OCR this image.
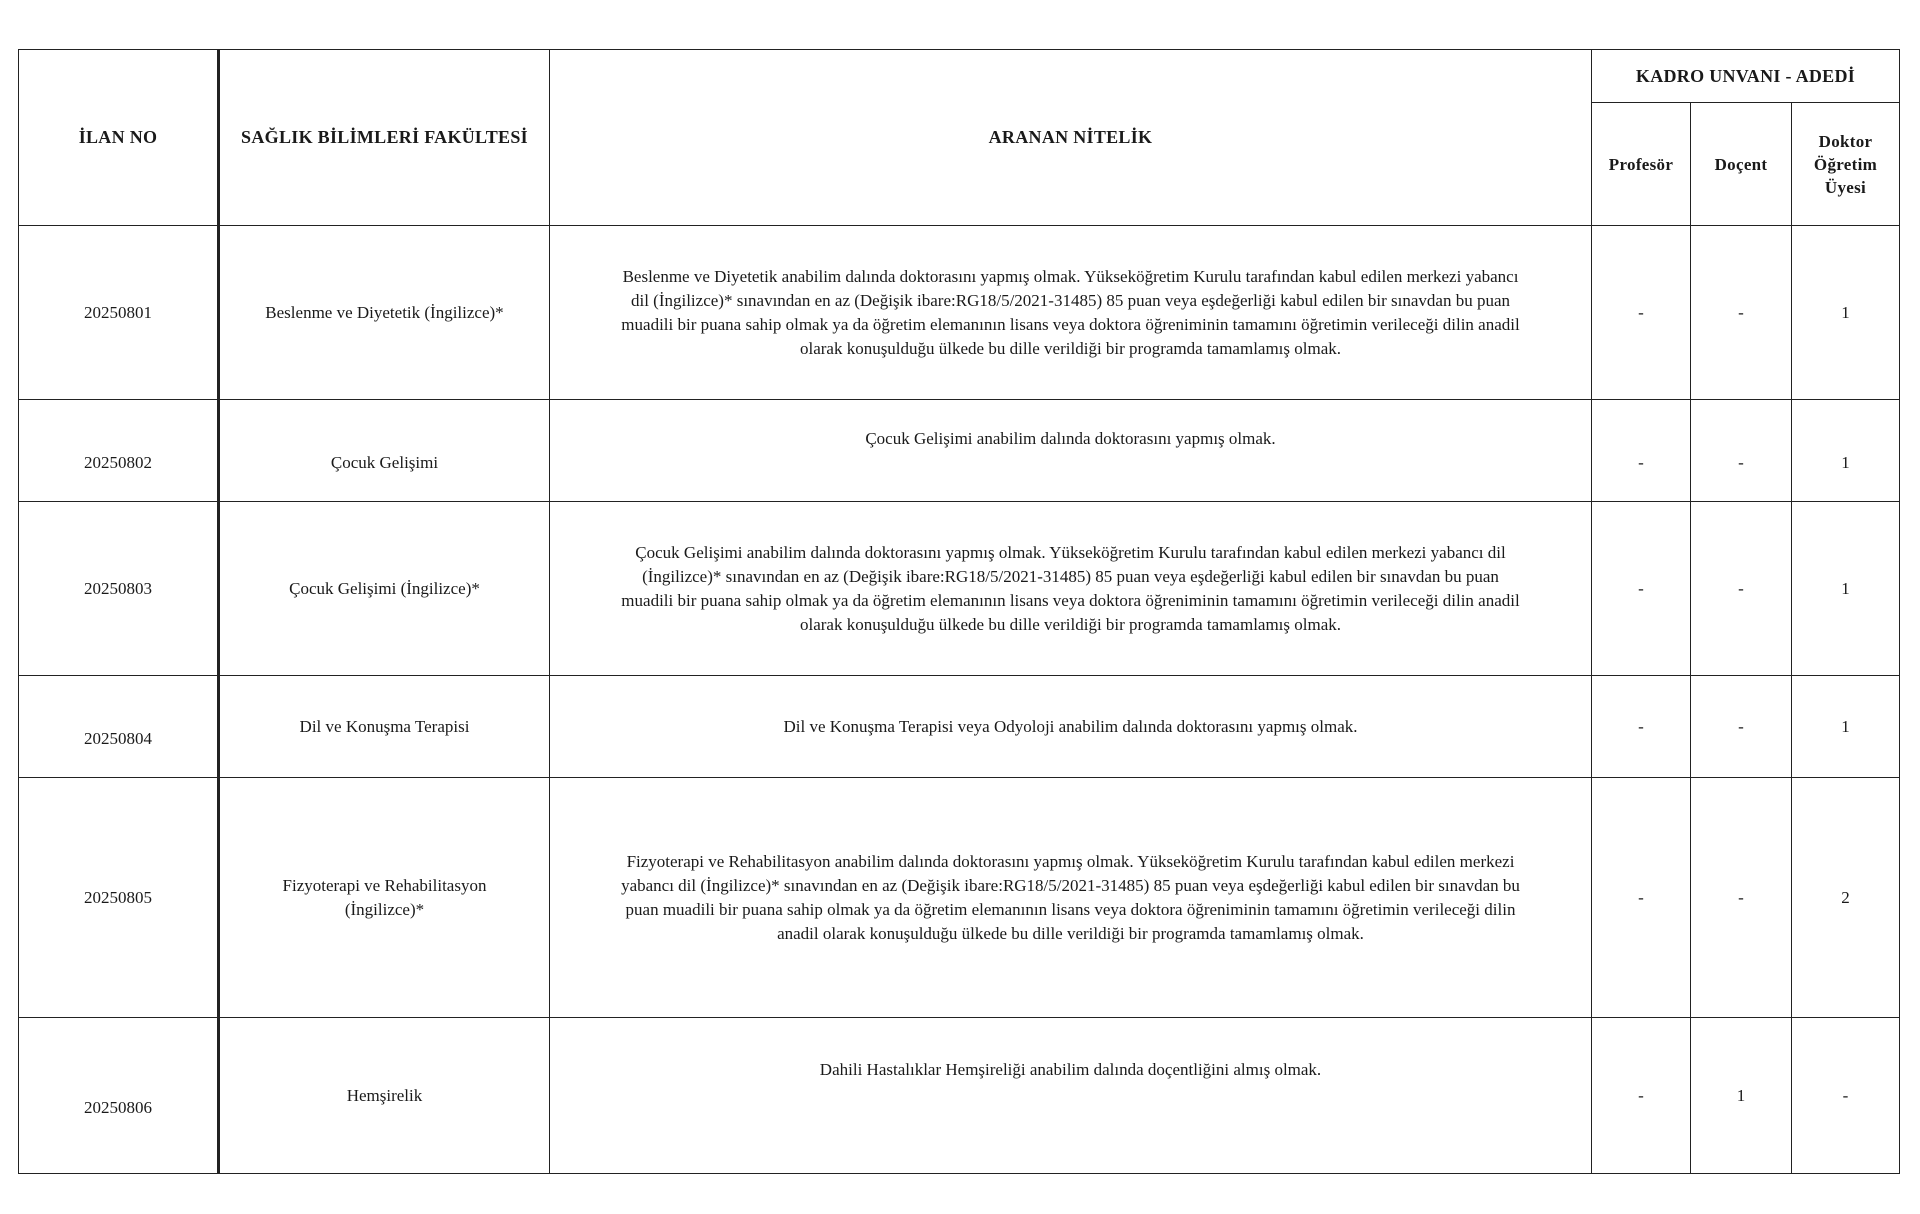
İLAN NO	SAĞLIK BİLİMLERİ FAKÜLTESİ	ARANAN NİTELİK	KADRO UNVANI - ADEDİ		
			Profesör	Doçent	Doktor
Öğretim
Üyesi
20250801	Beslenme ve Diyetetik (İngilizce)*	Beslenme ve Diyetetik anabilim dalında doktorasını yapmış olmak. Yükseköğretim Kurulu tarafından kabul edilen merkezi yabancı
dil (İngilizce)* sınavından en az (Değişik ibare:RG18/5/2021-31485) 85 puan veya eşdeğerliği kabul edilen bir sınavdan bu puan
muadili bir puana sahip olmak ya da öğretim elemanının lisans veya doktora öğreniminin tamamını öğretimin verileceği dilin anadil
olarak konuşulduğu ülkede bu dille verildiği bir programda tamamlamış olmak.	-	-	1
20250802	Çocuk Gelişimi	Çocuk Gelişimi anabilim dalında doktorasını yapmış olmak.	-	-	1
20250803	Çocuk Gelişimi (İngilizce)*	Çocuk Gelişimi anabilim dalında doktorasını yapmış olmak. Yükseköğretim Kurulu tarafından kabul edilen merkezi yabancı dil
(İngilizce)* sınavından en az (Değişik ibare:RG18/5/2021-31485) 85 puan veya eşdeğerliği kabul edilen bir sınavdan bu puan
muadili bir puana sahip olmak ya da öğretim elemanının lisans veya doktora öğreniminin tamamını öğretimin verileceği dilin anadil
olarak konuşulduğu ülkede bu dille verildiği bir programda tamamlamış olmak.	-	-	1
20250804	Dil ve Konuşma Terapisi	Dil ve Konuşma Terapisi veya Odyoloji anabilim dalında doktorasını yapmış olmak.	-	-	1
20250805	Fizyoterapi ve Rehabilitasyon
(İngilizce)*	Fizyoterapi ve Rehabilitasyon anabilim dalında doktorasını yapmış olmak. Yükseköğretim Kurulu tarafından kabul edilen merkezi
yabancı dil (İngilizce)* sınavından en az (Değişik ibare:RG18/5/2021-31485) 85 puan veya eşdeğerliği kabul edilen bir sınavdan bu
puan muadili bir puana sahip olmak ya da öğretim elemanının lisans veya doktora öğreniminin tamamını öğretimin verileceği dilin
anadil olarak konuşulduğu ülkede bu dille verildiği bir programda tamamlamış olmak.	-	-	2
20250806	Hemşirelik	Dahili Hastalıklar Hemşireliği anabilim dalında doçentliğini almış olmak.	-	1	-
